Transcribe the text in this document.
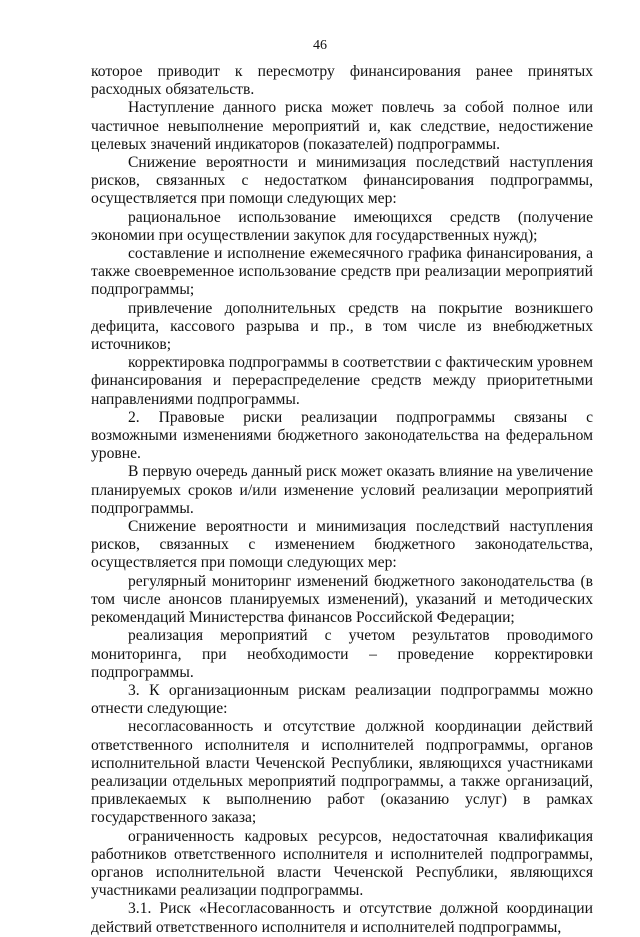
46

которое приводит к пересмотру финансирования ранее принятых расходных обязательств.

Наступление данного риска может повлечь за собой полное или частичное невыполнение мероприятий и, как следствие, недостижение целевых значений индикаторов (показателей) подпрограммы.

Снижение вероятности и минимизация последствий наступления рисков, связанных с недостатком финансирования подпрограммы, осуществляется при помощи следующих мер:

рациональное использование имеющихся средств (получение экономии при осуществлении закупок для государственных нужд);

составление и исполнение ежемесячного графика финансирования, а также своевременное использование средств при реализации мероприятий подпрограммы;

привлечение дополнительных средств на покрытие возникшего дефицита, кассового разрыва и пр., в том числе из внебюджетных источников;

корректировка подпрограммы в соответствии с фактическим уровнем финансирования и перераспределение средств между приоритетными направлениями подпрограммы.

2. Правовые риски реализации подпрограммы связаны с возможными изменениями бюджетного законодательства на федеральном уровне.

В первую очередь данный риск может оказать влияние на увеличение планируемых сроков и/или изменение условий реализации мероприятий подпрограммы.

Снижение вероятности и минимизация последствий наступления рисков, связанных с изменением бюджетного законодательства, осуществляется при помощи следующих мер:

регулярный мониторинг изменений бюджетного законодательства (в том числе анонсов планируемых изменений), указаний и методических рекомендаций Министерства финансов Российской Федерации;

реализация мероприятий с учетом результатов проводимого мониторинга, при необходимости – проведение корректировки подпрограммы.

3. К организационным рискам реализации подпрограммы можно отнести следующие:

несогласованность и отсутствие должной координации действий ответственного исполнителя и исполнителей подпрограммы, органов исполнительной власти Чеченской Республики, являющихся участниками реализации отдельных мероприятий подпрограммы, а также организаций, привлекаемых к выполнению работ (оказанию услуг) в рамках государственного заказа;

ограниченность кадровых ресурсов, недостаточная квалификация работников ответственного исполнителя и исполнителей подпрограммы, органов исполнительной власти Чеченской Республики, являющихся участниками реализации подпрограммы.

3.1. Риск «Несогласованность и отсутствие должной координации действий ответственного исполнителя и исполнителей подпрограммы,
